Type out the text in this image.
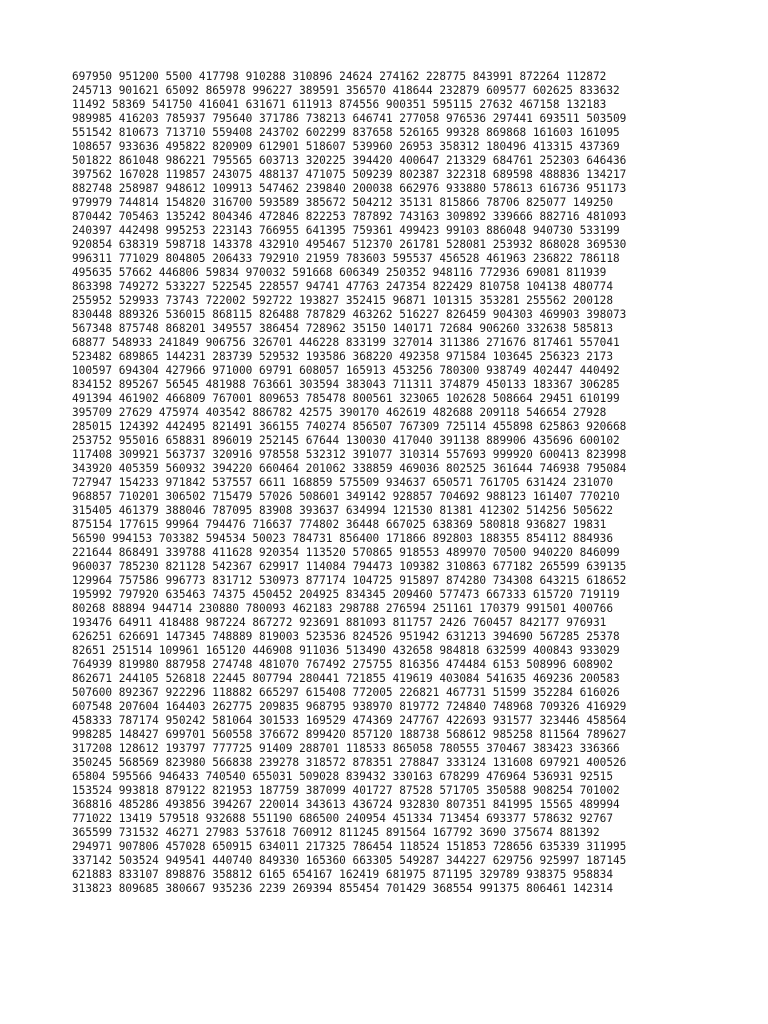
697950 951200 5500 417798 910288 310896 24624 274162 228775 843991 872264 112872
245713 901621 65092 865978 996227 389591 356570 418644 232879 609577 602625 833632
11492 58369 541750 416041 631671 611913 874556 900351 595115 27632 467158 132183
989985 416203 785937 795640 371786 738213 646741 277058 976536 297441 693511 503509
551542 810673 713710 559408 243702 602299 837658 526165 99328 869868 161603 161095
108657 933636 495822 820909 612901 518607 539960 26953 358312 180496 413315 437369
501822 861048 986221 795565 603713 320225 394420 400647 213329 684761 252303 646436
397562 167028 119857 243075 488137 471075 509239 802387 322318 689598 488836 134217
882748 258987 948612 109913 547462 239840 200038 662976 933880 578613 616736 951173
979979 744814 154820 316700 593589 385672 504212 35131 815866 78706 825077 149250
870442 705463 135242 804346 472846 822253 787892 743163 309892 339666 882716 481093
240397 442498 995253 223143 766955 641395 759361 499423 99103 886048 940730 533199
920854 638319 598718 143378 432910 495467 512370 261781 528081 253932 868028 369530
996311 771029 804805 206433 792910 21959 783603 595537 456528 461963 236822 786118
495635 57662 446806 59834 970032 591668 606349 250352 948116 772936 69081 811939
863398 749272 533227 522545 228557 94741 47763 247354 822429 810758 104138 480774
255952 529933 73743 722002 592722 193827 352415 96871 101315 353281 255562 200128
830448 889326 536015 868115 826488 787829 463262 516227 826459 904303 469903 398073
567348 875748 868201 349557 386454 728962 35150 140171 72684 906260 332638 585813
68877 548933 241849 906756 326701 446228 833199 327014 311386 271676 817461 557041
523482 689865 144231 283739 529532 193586 368220 492358 971584 103645 256323 2173
100597 694304 427966 971000 69791 608057 165913 453256 780300 938749 402447 440492
834152 895267 56545 481988 763661 303594 383043 711311 374879 450133 183367 306285
491394 461902 466809 767001 809653 785478 800561 323065 102628 508664 29451 610199
395709 27629 475974 403542 886782 42575 390170 462619 482688 209118 546654 27928
285015 124392 442495 821491 366155 740274 856507 767309 725114 455898 625863 920668
253752 955016 658831 896019 252145 67644 130030 417040 391138 889906 435696 600102
117408 309921 563737 320916 978558 532312 391077 310314 557693 999920 600413 823998
343920 405359 560932 394220 660464 201062 338859 469036 802525 361644 746938 795084
727947 154233 971842 537557 6611 168859 575509 934637 650571 761705 631424 231070
968857 710201 306502 715479 57026 508601 349142 928857 704692 988123 161407 770210
315405 461379 388046 787095 83908 393637 634994 121530 81381 412302 514256 505622
875154 177615 99964 794476 716637 774802 36448 667025 638369 580818 936827 19831
56590 994153 703382 594534 50023 784731 856400 171866 892803 188355 854112 884936
221644 868491 339788 411628 920354 113520 570865 918553 489970 70500 940220 846099
960037 785230 821128 542367 629917 114084 794473 109382 310863 677182 265599 639135
129964 757586 996773 831712 530973 877174 104725 915897 874280 734308 643215 618652
195992 797920 635463 74375 450452 204925 834345 209460 577473 667333 615720 719119
80268 88894 944714 230880 780093 462183 298788 276594 251161 170379 991501 400766
193476 64911 418488 987224 867272 923691 881093 811757 2426 760457 842177 976931
626251 626691 147345 748889 819003 523536 824526 951942 631213 394690 567285 25378
82651 251514 109961 165120 446908 911036 513490 432658 984818 632599 400843 933029
764939 819980 887958 274748 481070 767492 275755 816356 474484 6153 508996 608902
862671 244105 526818 22445 807794 280441 721855 419619 403084 541635 469236 200583
507600 892367 922296 118882 665297 615408 772005 226821 467731 51599 352284 616026
607548 207604 164403 262775 209835 968795 938970 819772 724840 748968 709326 416929
458333 787174 950242 581064 301533 169529 474369 247767 422693 931577 323446 458564
998285 148427 699701 560558 376672 899420 857120 188738 568612 985258 811564 789627
317208 128612 193797 777725 91409 288701 118533 865058 780555 370467 383423 336366
350245 568569 823980 566838 239278 318572 878351 278847 333124 131608 697921 400526
65804 595566 946433 740540 655031 509028 839432 330163 678299 476964 536931 92515
153524 993818 879122 821953 187759 387099 401727 87528 571705 350588 908254 701002
368816 485286 493856 394267 220014 343613 436724 932830 807351 841995 15565 489994
771022 13419 579518 932688 551190 686500 240954 451334 713454 693377 578632 92767
365599 731532 46271 27983 537618 760912 811245 891564 167792 3690 375674 881392
294971 907806 457028 650915 634011 217325 786454 118524 151853 728656 635339 311995
337142 503524 949541 440740 849330 165360 663305 549287 344227 629756 925997 187145
621883 833107 898876 358812 6165 654167 162419 681975 871195 329789 938375 958834
313823 809685 380667 935236 2239 269394 855454 701429 368554 991375 806461 142314
